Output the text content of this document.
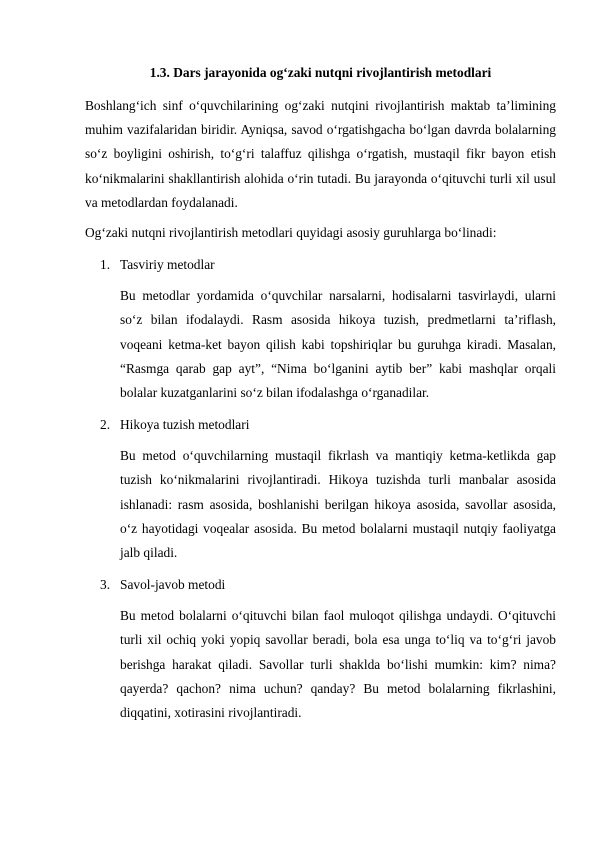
1.3. Dars jarayonida og‘zaki nutqni rivojlantirish metodlari

Boshlang‘ich sinf o‘quvchilarining og‘zaki nutqini rivojlantirish maktab ta’limining muhim vazifalaridan biridir. Ayniqsa, savod o‘rgatishgacha bo‘lgan davrda bolalarning so‘z boyligini oshirish, to‘g‘ri talaffuz qilishga o‘rgatish, mustaqil fikr bayon etish ko‘nikmalarini shakllantirish alohida o‘rin tutadi. Bu jarayonda o‘qituvchi turli xil usul va metodlardan foydalanadi.

Og‘zaki nutqni rivojlantirish metodlari quyidagi asosiy guruhlarga bo‘linadi:

1. Tasviriy metodlar

Bu metodlar yordamida o‘quvchilar narsalarni, hodisalarni tasvirlaydi, ularni so‘z bilan ifodalaydi. Rasm asosida hikoya tuzish, predmetlarni ta’riflash, voqeani ketma-ket bayon qilish kabi topshiriqlar bu guruhga kiradi. Masalan, “Rasmga qarab gap ayt”, “Nima bo‘lganini aytib ber” kabi mashqlar orqali bolalar kuzatganlarini so‘z bilan ifodalashga o‘rganadilar.

2. Hikoya tuzish metodlari

Bu metod o‘quvchilarning mustaqil fikrlash va mantiqiy ketma-ketlikda gap tuzish ko‘nikmalarini rivojlantiradi. Hikoya tuzishda turli manbalar asosida ishlanadi: rasm asosida, boshlanishi berilgan hikoya asosida, savollar asosida, o‘z hayotidagi voqealar asosida. Bu metod bolalarni mustaqil nutqiy faoliyatga jalb qiladi.

3. Savol-javob metodi

Bu metod bolalarni o‘qituvchi bilan faol muloqot qilishga undaydi. O‘qituvchi turli xil ochiq yoki yopiq savollar beradi, bola esa unga to‘liq va to‘g‘ri javob berishga harakat qiladi. Savollar turli shaklda bo‘lishi mumkin: kim? nima? qayerda? qachon? nima uchun? qanday? Bu metod bolalarning fikrlashini, diqqatini, xotirasini rivojlantiradi.
